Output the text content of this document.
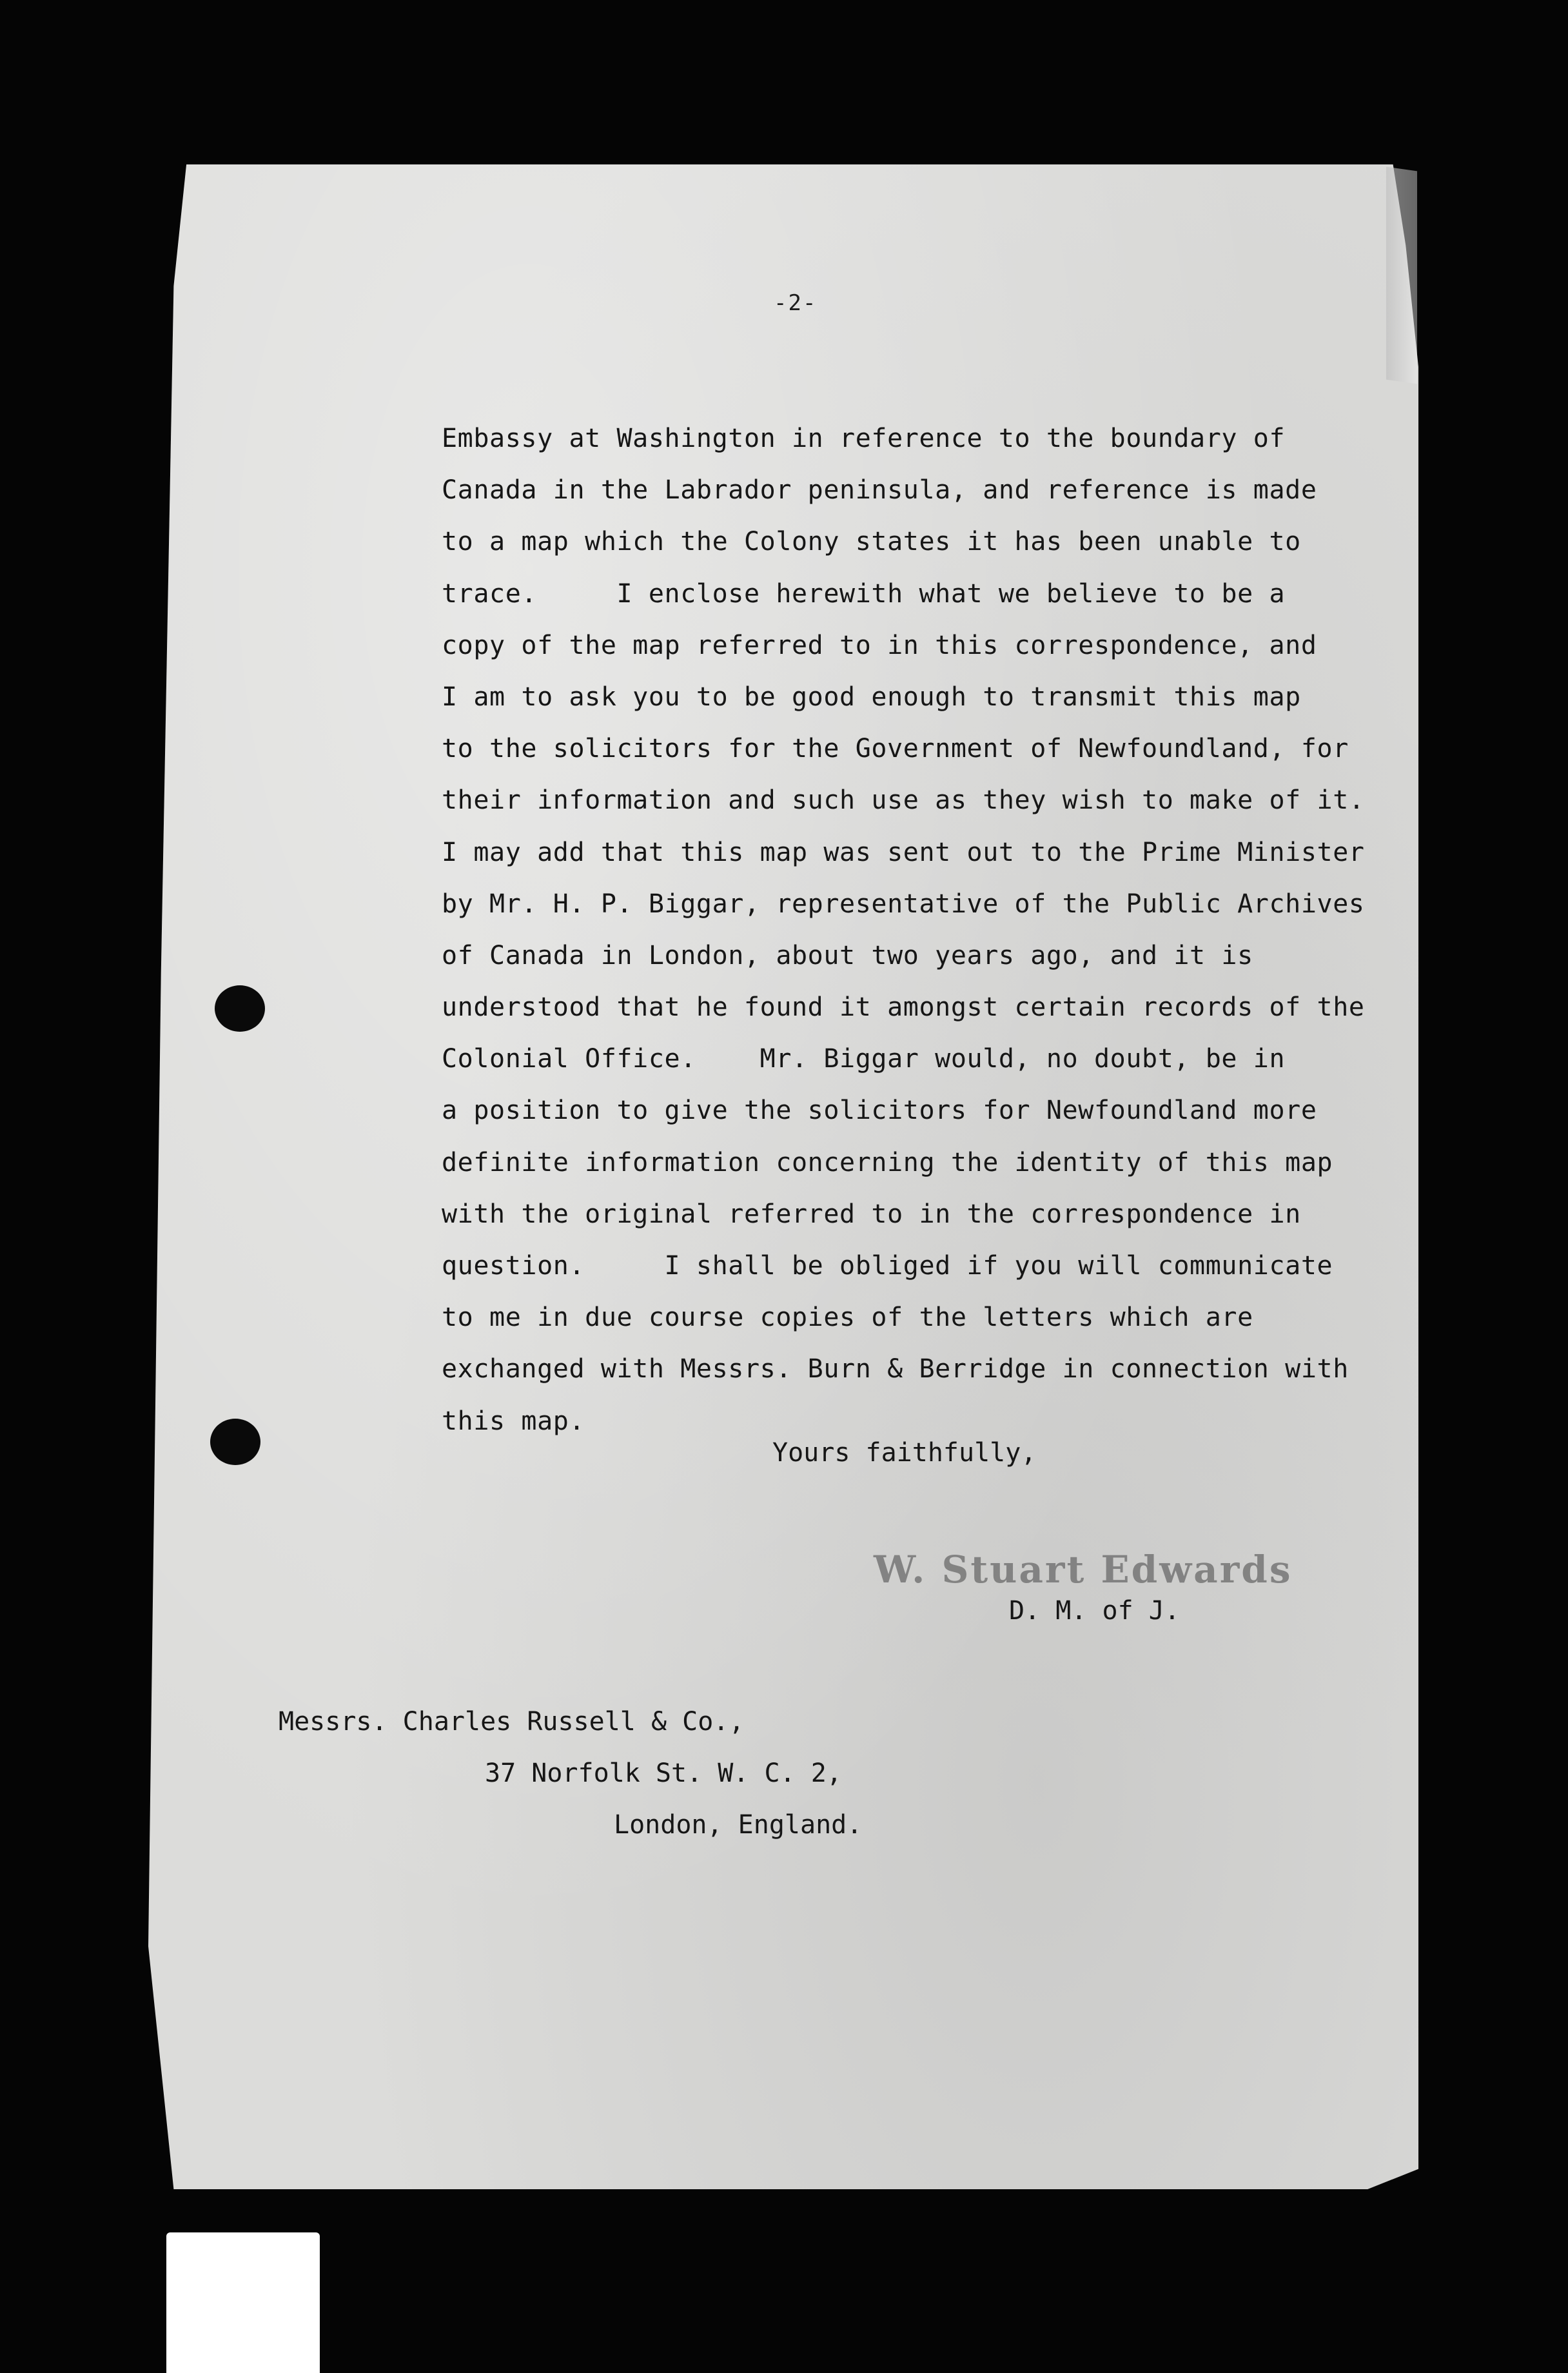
-2-
Embassy at Washington in reference to the boundary of
Canada in the Labrador peninsula, and reference is made
to a map which the Colony states it has been unable to
trace.     I enclose herewith what we believe to be a
copy of the map referred to in this correspondence, and
I am to ask you to be good enough to transmit this map
to the solicitors for the Government of Newfoundland, for
their information and such use as they wish to make of it.
I may add that this map was sent out to the Prime Minister
by Mr. H. P. Biggar, representative of the Public Archives
of Canada in London, about two years ago, and it is
understood that he found it amongst certain records of the
Colonial Office.    Mr. Biggar would, no doubt, be in
a position to give the solicitors for Newfoundland more
definite information concerning the identity of this map
with the original referred to in the correspondence in
question.     I shall be obliged if you will communicate
to me in due course copies of the letters which are
exchanged with Messrs. Burn & Berridge in connection with
this map.
Yours faithfully,
W. Stuart Edwards
D. M. of J.
Messrs. Charles Russell & Co.,
37 Norfolk St. W. C. 2,
London, England.
